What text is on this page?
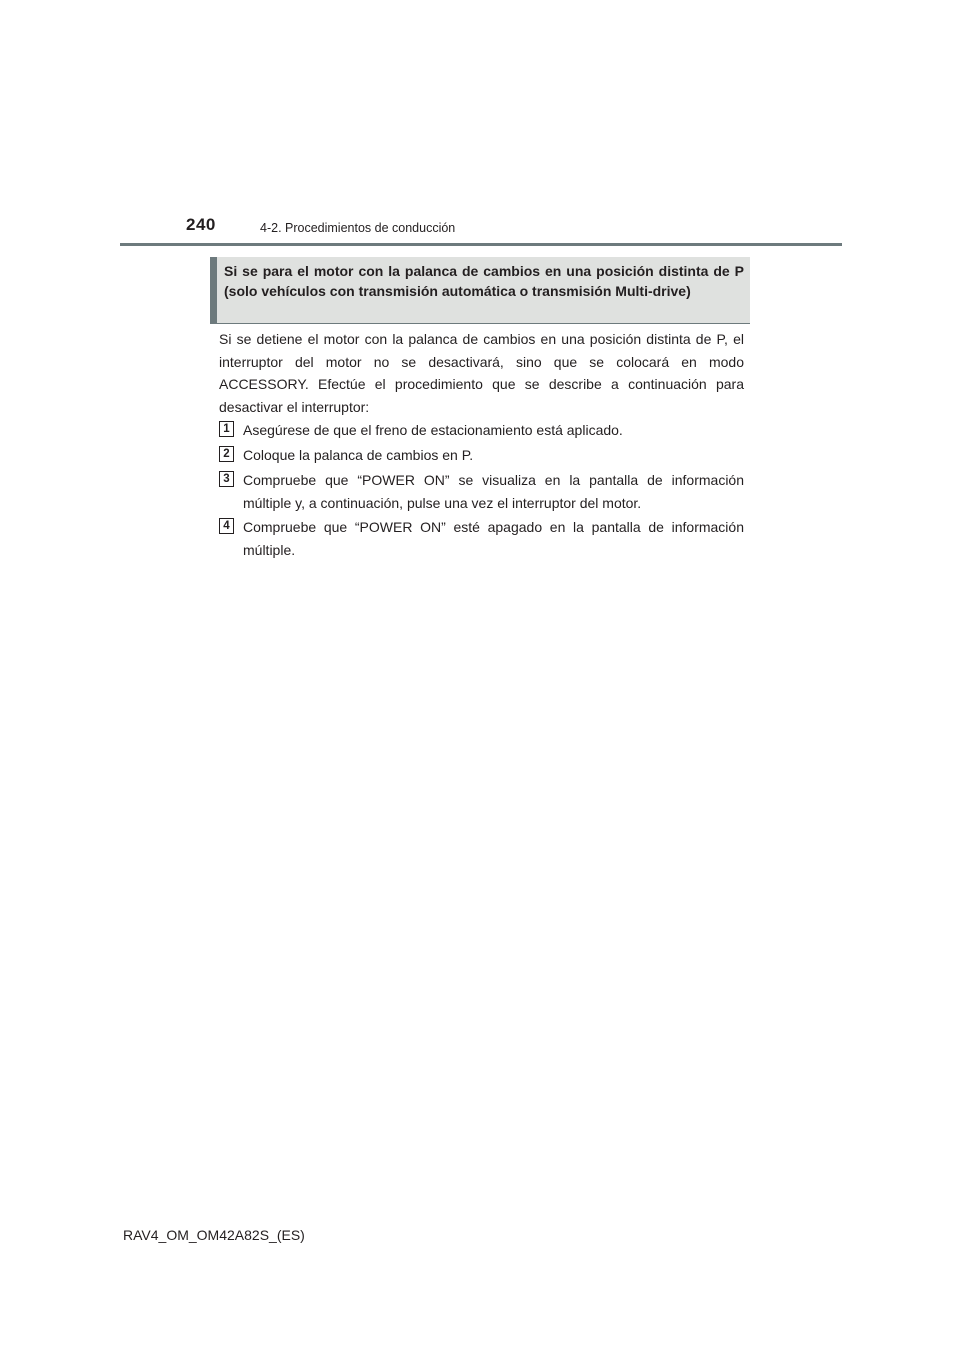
240	4-2. Procedimientos de conducción
Si se para el motor con la palanca de cambios en una posición distinta de P (solo vehículos con transmisión automática o transmisión Multi-drive)
Si se detiene el motor con la palanca de cambios en una posición distinta de P, el interruptor del motor no se desactivará, sino que se colocará en modo ACCESSORY. Efectúe el procedimiento que se describe a continuación para desactivar el interruptor:
1 Asegúrese de que el freno de estacionamiento está aplicado.
2 Coloque la palanca de cambios en P.
3 Compruebe que “POWER ON” se visualiza en la pantalla de información múltiple y, a continuación, pulse una vez el interruptor del motor.
4 Compruebe que “POWER ON” esté apagado en la pantalla de información múltiple.
RAV4_OM_OM42A82S_(ES)
